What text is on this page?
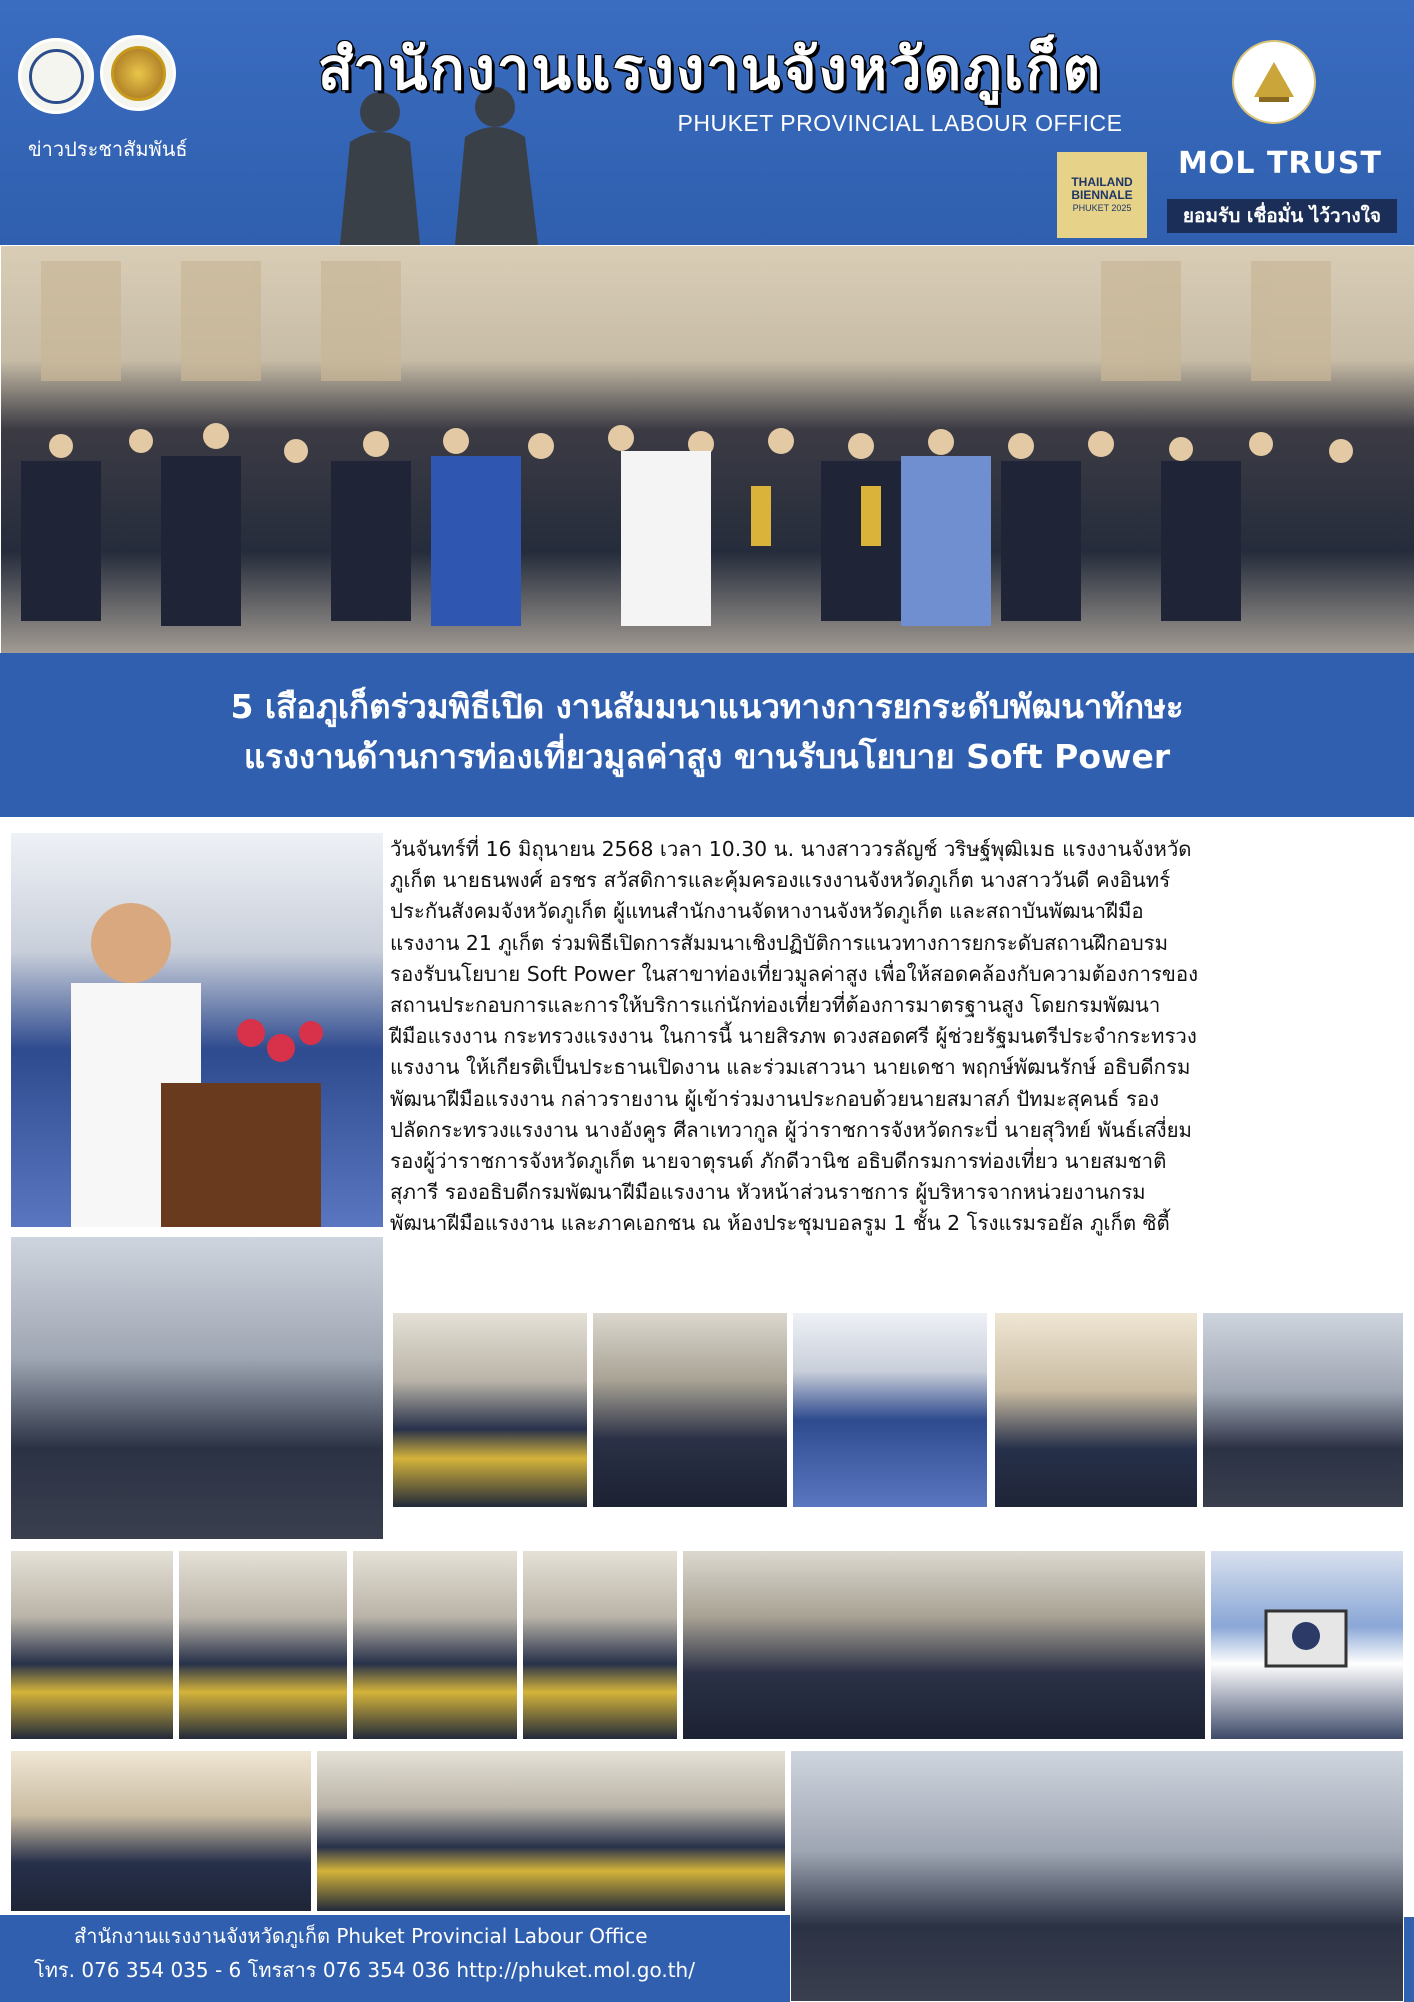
ข่าวประชาสัมพันธ์
สำนักงานแรงงานจังหวัดภูเก็ต
PHUKET PROVINCIAL LABOUR OFFICE
THAILAND
BIENNALE
PHUKET 2025
MOL TRUST
ยอมรับ เชื่อมั่น ไว้วางใจ
5 เสือภูเก็ตร่วมพิธีเปิด งานสัมมนาแนวทางการยกระดับพัฒนาทักษะ
แรงงานด้านการท่องเที่ยวมูลค่าสูง ขานรับนโยบาย Soft Power
วันจันทร์ที่ 16 มิถุนายน 2568 เวลา 10.30 น. นางสาววรลัญช์ วริษฐ์พุฒิเมธ แรงงานจังหวัด
ภูเก็ต นายธนพงศ์ อรชร สวัสดิการและคุ้มครองแรงงานจังหวัดภูเก็ต นางสาววันดี คงอินทร์
ประกันสังคมจังหวัดภูเก็ต ผู้แทนสำนักงานจัดหางานจังหวัดภูเก็ต และสถาบันพัฒนาฝีมือ
แรงงาน 21 ภูเก็ต ร่วมพิธีเปิดการสัมมนาเชิงปฏิบัติการแนวทางการยกระดับสถานฝึกอบรม
รองรับนโยบาย Soft Power ในสาขาท่องเที่ยวมูลค่าสูง เพื่อให้สอดคล้องกับความต้องการของ
สถานประกอบการและการให้บริการแก่นักท่องเที่ยวที่ต้องการมาตรฐานสูง โดยกรมพัฒนา
ฝีมือแรงงาน กระทรวงแรงงาน ในการนี้ นายสิรภพ ดวงสอดศรี ผู้ช่วยรัฐมนตรีประจำกระทรวง
แรงงาน ให้เกียรติเป็นประธานเปิดงาน และร่วมเสาวนา นายเดชา พฤกษ์พัฒนรักษ์ อธิบดีกรม
พัฒนาฝีมือแรงงาน กล่าวรายงาน ผู้เข้าร่วมงานประกอบด้วยนายสมาสภ์ ปัทมะสุคนธ์ รอง
ปลัดกระทรวงแรงงาน นางอังคูร ศีลาเทวากูล ผู้ว่าราชการจังหวัดกระบี่ นายสุวิทย์ พันธ์เสงี่ยม
รองผู้ว่าราชการจังหวัดภูเก็ต นายจาตุรนต์ ภักดีวานิช อธิบดีกรมการท่องเที่ยว นายสมชาติ
สุภารี รองอธิบดีกรมพัฒนาฝีมือแรงงาน หัวหน้าส่วนราชการ ผู้บริหารจากหน่วยงานกรม
พัฒนาฝีมือแรงงาน และภาคเอกชน ณ ห้องประชุมบอลรูม 1 ชั้น 2 โรงแรมรอยัล ภูเก็ต ซิตี้
สำนักงานแรงงานจังหวัดภูเก็ต Phuket Provincial Labour Office
โทร. 076 354 035 - 6 โทรสาร 076 354 036 http://phuket.mol.go.th/
